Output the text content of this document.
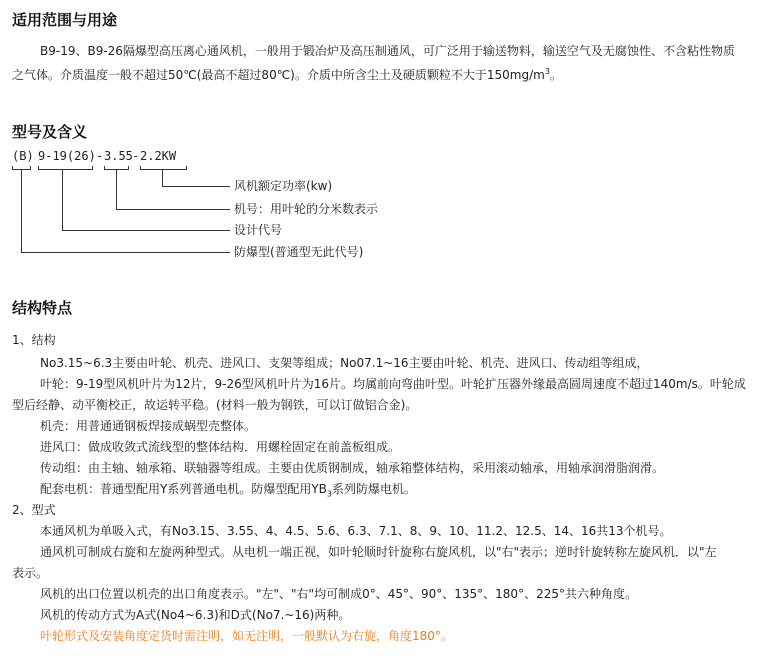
适用范围与用途

B9-19、B9-26隔爆型高压离心通风机，一般用于锻冶炉及高压制通风，可广泛用于输送物料，输送空气及无腐蚀性、不含粘性物质

之气体。介质温度一般不超过50℃(最高不超过80℃)。介质中所含尘土及硬质颗粒不大于$150mg/m^3$。

型号及含义
(B) 9-19(26) - 3.55 - 2.2KW
风机额定功率(kw)
机号：用叶轮的分米数表示
设计代号
防爆型(普通型无此代号)
结构特点

1、结构

No3.15~6.3主要由叶轮、机壳、进风口、支架等组成；No07.1~16主要由叶轮、机壳、进风口、传动组等组成，

叶轮：9-19型风机叶片为12片，9-26型风机叶片为16片。均属前向弯曲叶型。叶轮扩压器外缘最高圆周速度不超过140m/s。叶轮成

型后经静、动平衡校正，故运转平稳。(材料一般为钢铁，可以订做铝合金)。

机壳：用普通通钢板焊接成蜗型壳整体。

进风口：做成收敛式流线型的整体结构．用螺栓固定在前盖板组成。

传动组：由主轴、轴承箱、联轴器等组成。主要由优质钢制成，轴承箱整体结构，采用滚动轴承，用轴承润滑脂润滑。

配套电机：普通型配用Y系列普通电机。防爆型配用$YB_3$系列防爆电机。

2、型式

本通风机为单吸入式，有No3.15、3.55、4、4.5、5.6、6.3、7.1、8、9、10、11.2、12.5、14、16共13个机号。

通风机可制成右旋和左旋两种型式。从电机一端正视，如叶轮顺时针旋称右旋风机，以"右"表示；逆时针旋转称左旋风机．以"左

表示。

风机的出口位置以机壳的出口角度表示。"左"、"右"均可制成0°、45°、90°、135°、180°、225°共六种角度。

风机的传动方式为A式(No4~6.3)和D式(No7.~16)两种。

叶轮形式及安装角度定货时需注明，如无注明，一般默认为右旋，角度180°。
